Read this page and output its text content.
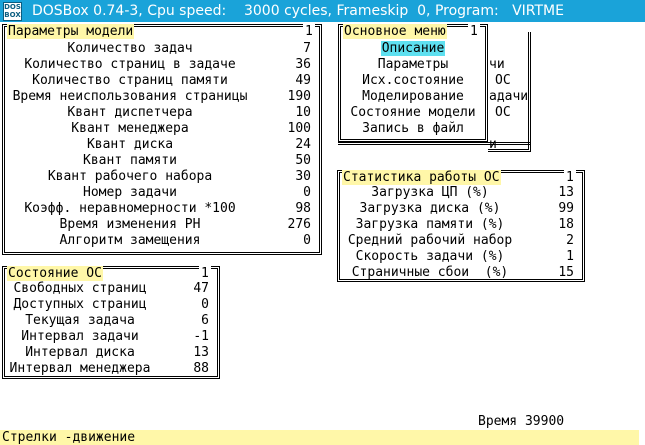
DOS BOX DOSBox 0.74-3, Cpu speed:    3000 cycles, Frameskip  0, Program:   VIRTME
Параметры модели	1
Количество задач	7
Количество страниц в задаче	36
Количество страниц памяти	49
Время неиспользования страницы	190
Квант диспетчера	10
Квант менеджера	100
Квант диска	24
Квант памяти	50
Квант рабочего набора	30
Номер задачи	0
Коэфф. неравномерности *100	98
Время изменения РН	276
Алгоритм замещения	0
чи
ОС
адачи
ОС
и
Основное меню 1
Описание
Параметры
Исх.состояние
Моделирование
Состояние модели
Запись в файл
Статистика работы ОС	1
Загрузка ЦП (%)	13
Загрузка диска (%)	99
Загрузка памяти (%)	18
Средний рабочий набор	2
Скорость задачи (%)	1
Страничные сбои  (%)	15
Состояние ОС	1
Свободных страниц	47
Доступных страниц	0
Текущая задача	6
Интервал задачи	-1
Интервал диска	13
Интервал менеджера	88
Время 39900
Стрелки -движение
